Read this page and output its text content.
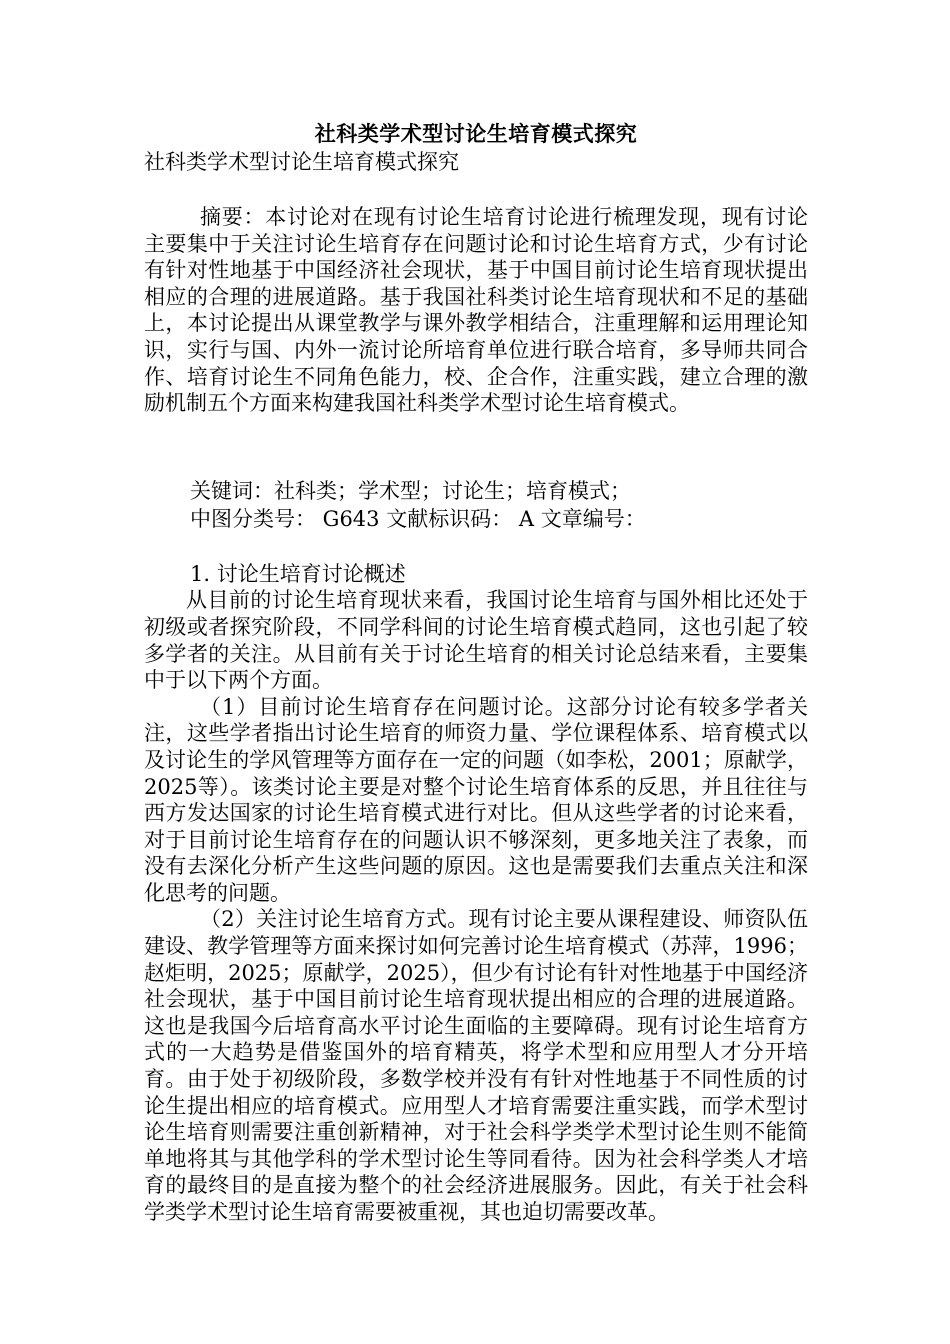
社科类学术型讨论生培育模式探究

社科类学术型讨论生培育模式探究

摘要：本讨论对在现有讨论生培育讨论进行梳理发现，现有讨论主要集中于关注讨论生培育存在问题讨论和讨论生培育方式，少有讨论有针对性地基于中国经济社会现状，基于中国目前讨论生培育现状提出相应的合理的进展道路。基于我国社科类讨论生培育现状和不足的基础上，本讨论提出从课堂教学与课外教学相结合，注重理解和运用理论知识，实行与国、内外一流讨论所培育单位进行联合培育，多导师共同合作、培育讨论生不同角色能力，校、企合作，注重实践，建立合理的激励机制五个方面来构建我国社科类学术型讨论生培育模式。

关键词：社科类；学术型；讨论生；培育模式；
中图分类号： G643 文献标识码： A 文章编号：
1. 讨论生培育讨论概述

从目前的讨论生培育现状来看，我国讨论生培育与国外相比还处于初级或者探究阶段，不同学科间的讨论生培育模式趋同，这也引起了较多学者的关注。从目前有关于讨论生培育的相关讨论总结来看，主要集中于以下两个方面。

（1）目前讨论生培育存在问题讨论。这部分讨论有较多学者关注，这些学者指出讨论生培育的师资力量、学位课程体系、培育模式以及讨论生的学风管理等方面存在一定的问题（如李松，2001；原献学，2025等）。该类讨论主要是对整个讨论生培育体系的反思，并且往往与西方发达国家的讨论生培育模式进行对比。但从这些学者的讨论来看，对于目前讨论生培育存在的问题认识不够深刻，更多地关注了表象，而没有去深化分析产生这些问题的原因。这也是需要我们去重点关注和深化思考的问题。

（2）关注讨论生培育方式。现有讨论主要从课程建设、师资队伍建设、教学管理等方面来探讨如何完善讨论生培育模式（苏萍，1996；赵炬明，2025；原献学，2025），但少有讨论有针对性地基于中国经济社会现状，基于中国目前讨论生培育现状提出相应的合理的进展道路。这也是我国今后培育高水平讨论生面临的主要障碍。现有讨论生培育方式的一大趋势是借鉴国外的培育精英，将学术型和应用型人才分开培育。由于处于初级阶段，多数学校并没有有针对性地基于不同性质的讨论生提出相应的培育模式。应用型人才培育需要注重实践，而学术型讨论生培育则需要注重创新精神，对于社会科学类学术型讨论生则不能简单地将其与其他学科的学术型讨论生等同看待。因为社会科学类人才培育的最终目的是直接为整个的社会经济进展服务。因此，有关于社会科学类学术型讨论生培育需要被重视，其也迫切需要改革。
